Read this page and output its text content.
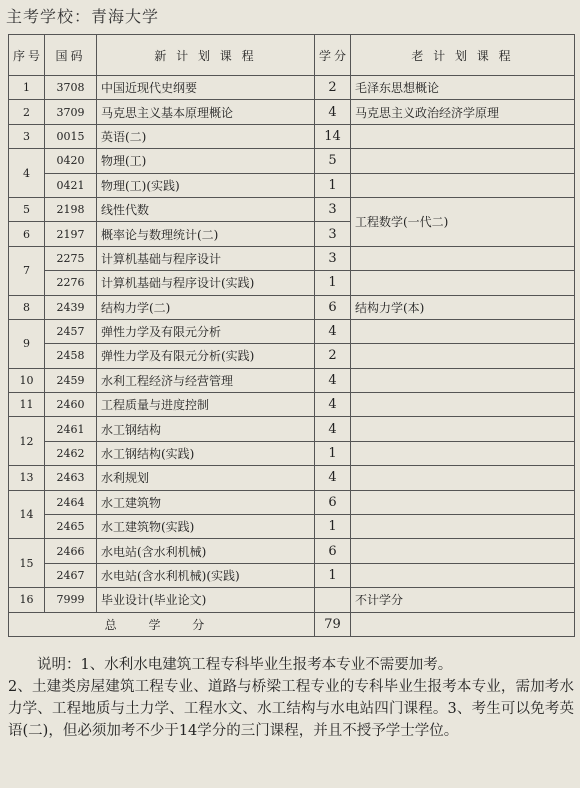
主考学校：青海大学
序号	国码	新 计 划 课 程	学分	老 计 划 课 程
1	3708	中国近现代史纲要	2	毛泽东思想概论
2	3709	马克思主义基本原理概论	4	马克思主义政治经济学原理
3	0015	英语(二)	14	
4	0420	物理(工)	5	
	0421	物理(工)(实践)	1	
5	2198	线性代数	3	工程数学(一代二)
6	2197	概率论与数理统计(二)	3	
7	2275	计算机基础与程序设计	3	
	2276	计算机基础与程序设计(实践)	1	
8	2439	结构力学(二)	6	结构力学(本)
9	2457	弹性力学及有限元分析	4	
	2458	弹性力学及有限元分析(实践)	2	
10	2459	水利工程经济与经营管理	4	
11	2460	工程质量与进度控制	4	
12	2461	水工钢结构	4	
	2462	水工钢结构(实践)	1	
13	2463	水利规划	4	
14	2464	水工建筑物	6	
	2465	水工建筑物(实践)	1	
15	2466	水电站(含水利机械)	6	
	2467	水电站(含水利机械)(实践)	1	
16	7999	毕业设计(毕业论文)		不计学分
总 学 分			79	

说明：1、水利水电建筑工程专科毕业生报考本专业不需要加考。

2、土建类房屋建筑工程专业、道路与桥梁工程专业的专科毕业生报考本专业，需加考水力学、工程地质与土力学、工程水文、水工结构与水电站四门课程。3、考生可以免考英语(二)，但必须加考不少于14学分的三门课程，并且不授予学士学位。
